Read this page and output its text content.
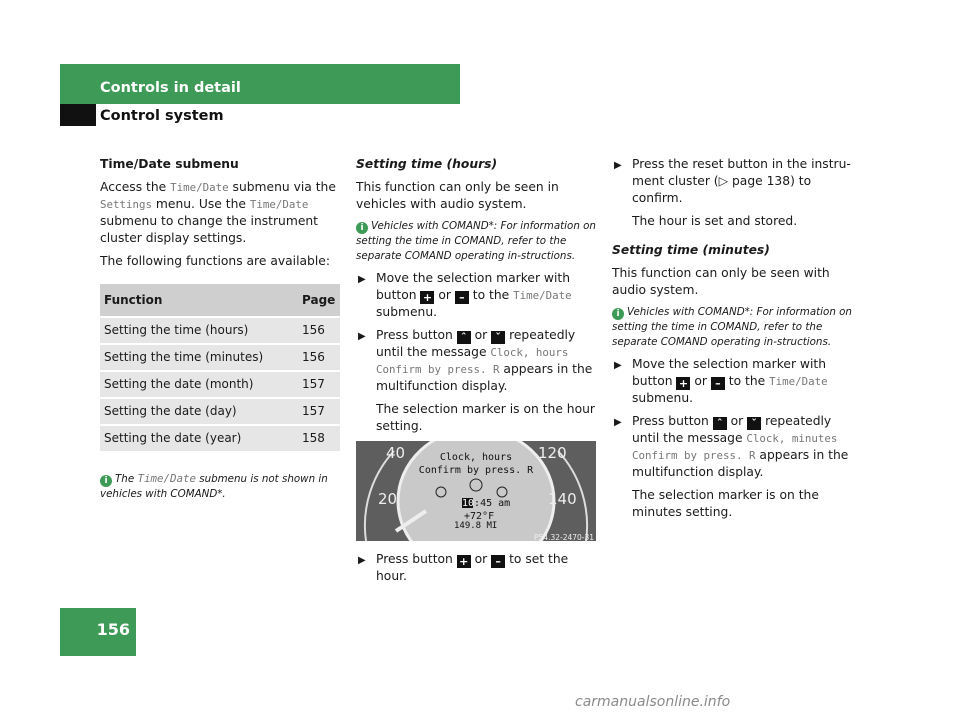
Controls in detail
Control system

Time/Date submenu

Access the Time/Date submenu via the Settings menu. Use the Time/Date submenu to change the instrument cluster display settings.

The following functions are available:

Function	Page
Setting the time (hours)	156
Setting the time (minutes)	156
Setting the date (month)	157
Setting the date (day)	157
Setting the date (year)	158

i The Time/Date submenu is not shown in vehicles with COMAND*.

Setting time (hours)

This function can only be seen in vehicles with audio system.

i Vehicles with COMAND*: For information on setting the time in COMAND, refer to the separate COMAND operating in-structions.

▶ Move the selection marker with button + or – to the Time/Date submenu.
▶ Press button ˆ or ˇ repeatedly until the message Clock, hours Confirm by press. R appears in the multifunction display.

The selection marker is on the hour setting.

Clock, hours
Confirm by press. R
10:45 am
+72°F
149.8 MI
40
20
120
140
P54.32-2470-31
▶ Press button + or – to set the hour.
▶ Press the reset button in the instru-ment cluster (▷ page 138) to confirm.

The hour is set and stored.

Setting time (minutes)

This function can only be seen with audio system.

i Vehicles with COMAND*: For information on setting the time in COMAND, refer to the separate COMAND operating in-structions.

▶ Move the selection marker with button + or – to the Time/Date submenu.
▶ Press button ˆ or ˇ repeatedly until the message Clock, minutes Confirm by press. R appears in the multifunction display.

The selection marker is on the minutes setting.

156
carmanualsonline.info
